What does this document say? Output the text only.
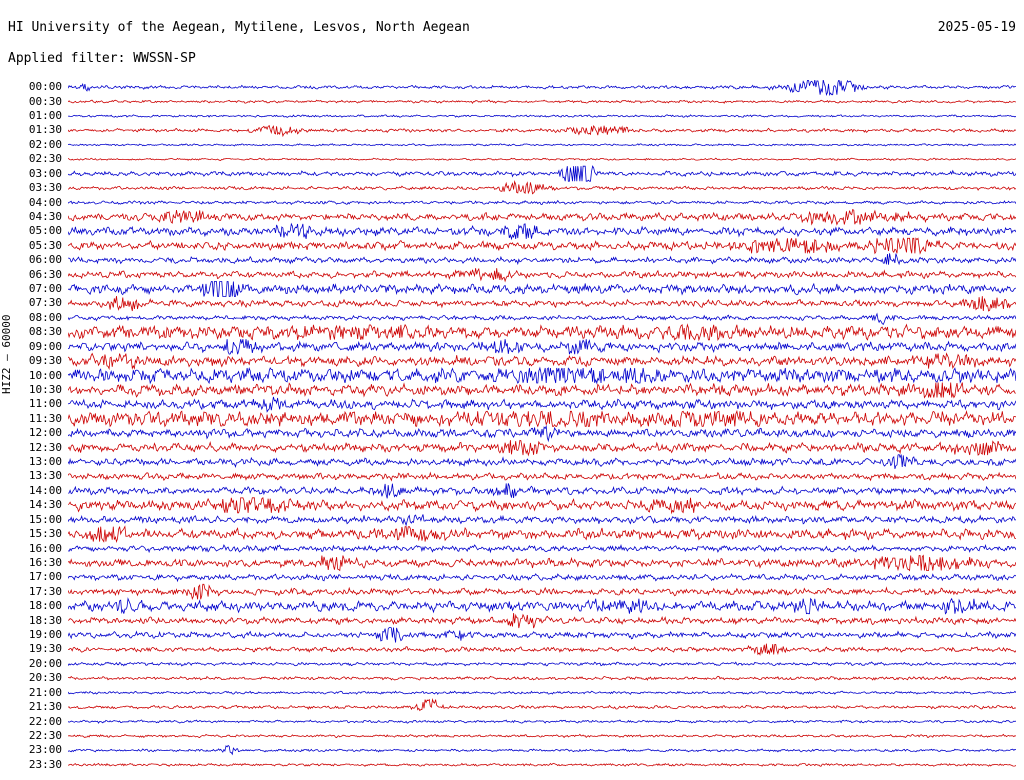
HI University of the Aegean, Mytilene, Lesvos, North Aegean	2025-05-19
Applied filter: WWSSN-SP
HIZ2 — 60000
00:00
00:30
01:00
01:30
02:00
02:30
03:00
03:30
04:00
04:30
05:00
05:30
06:00
06:30
07:00
07:30
08:00
08:30
09:00
09:30
10:00
10:30
11:00
11:30
12:00
12:30
13:00
13:30
14:00
14:30
15:00
15:30
16:00
16:30
17:00
17:30
18:00
18:30
19:00
19:30
20:00
20:30
21:00
21:30
22:00
22:30
23:00
23:30
